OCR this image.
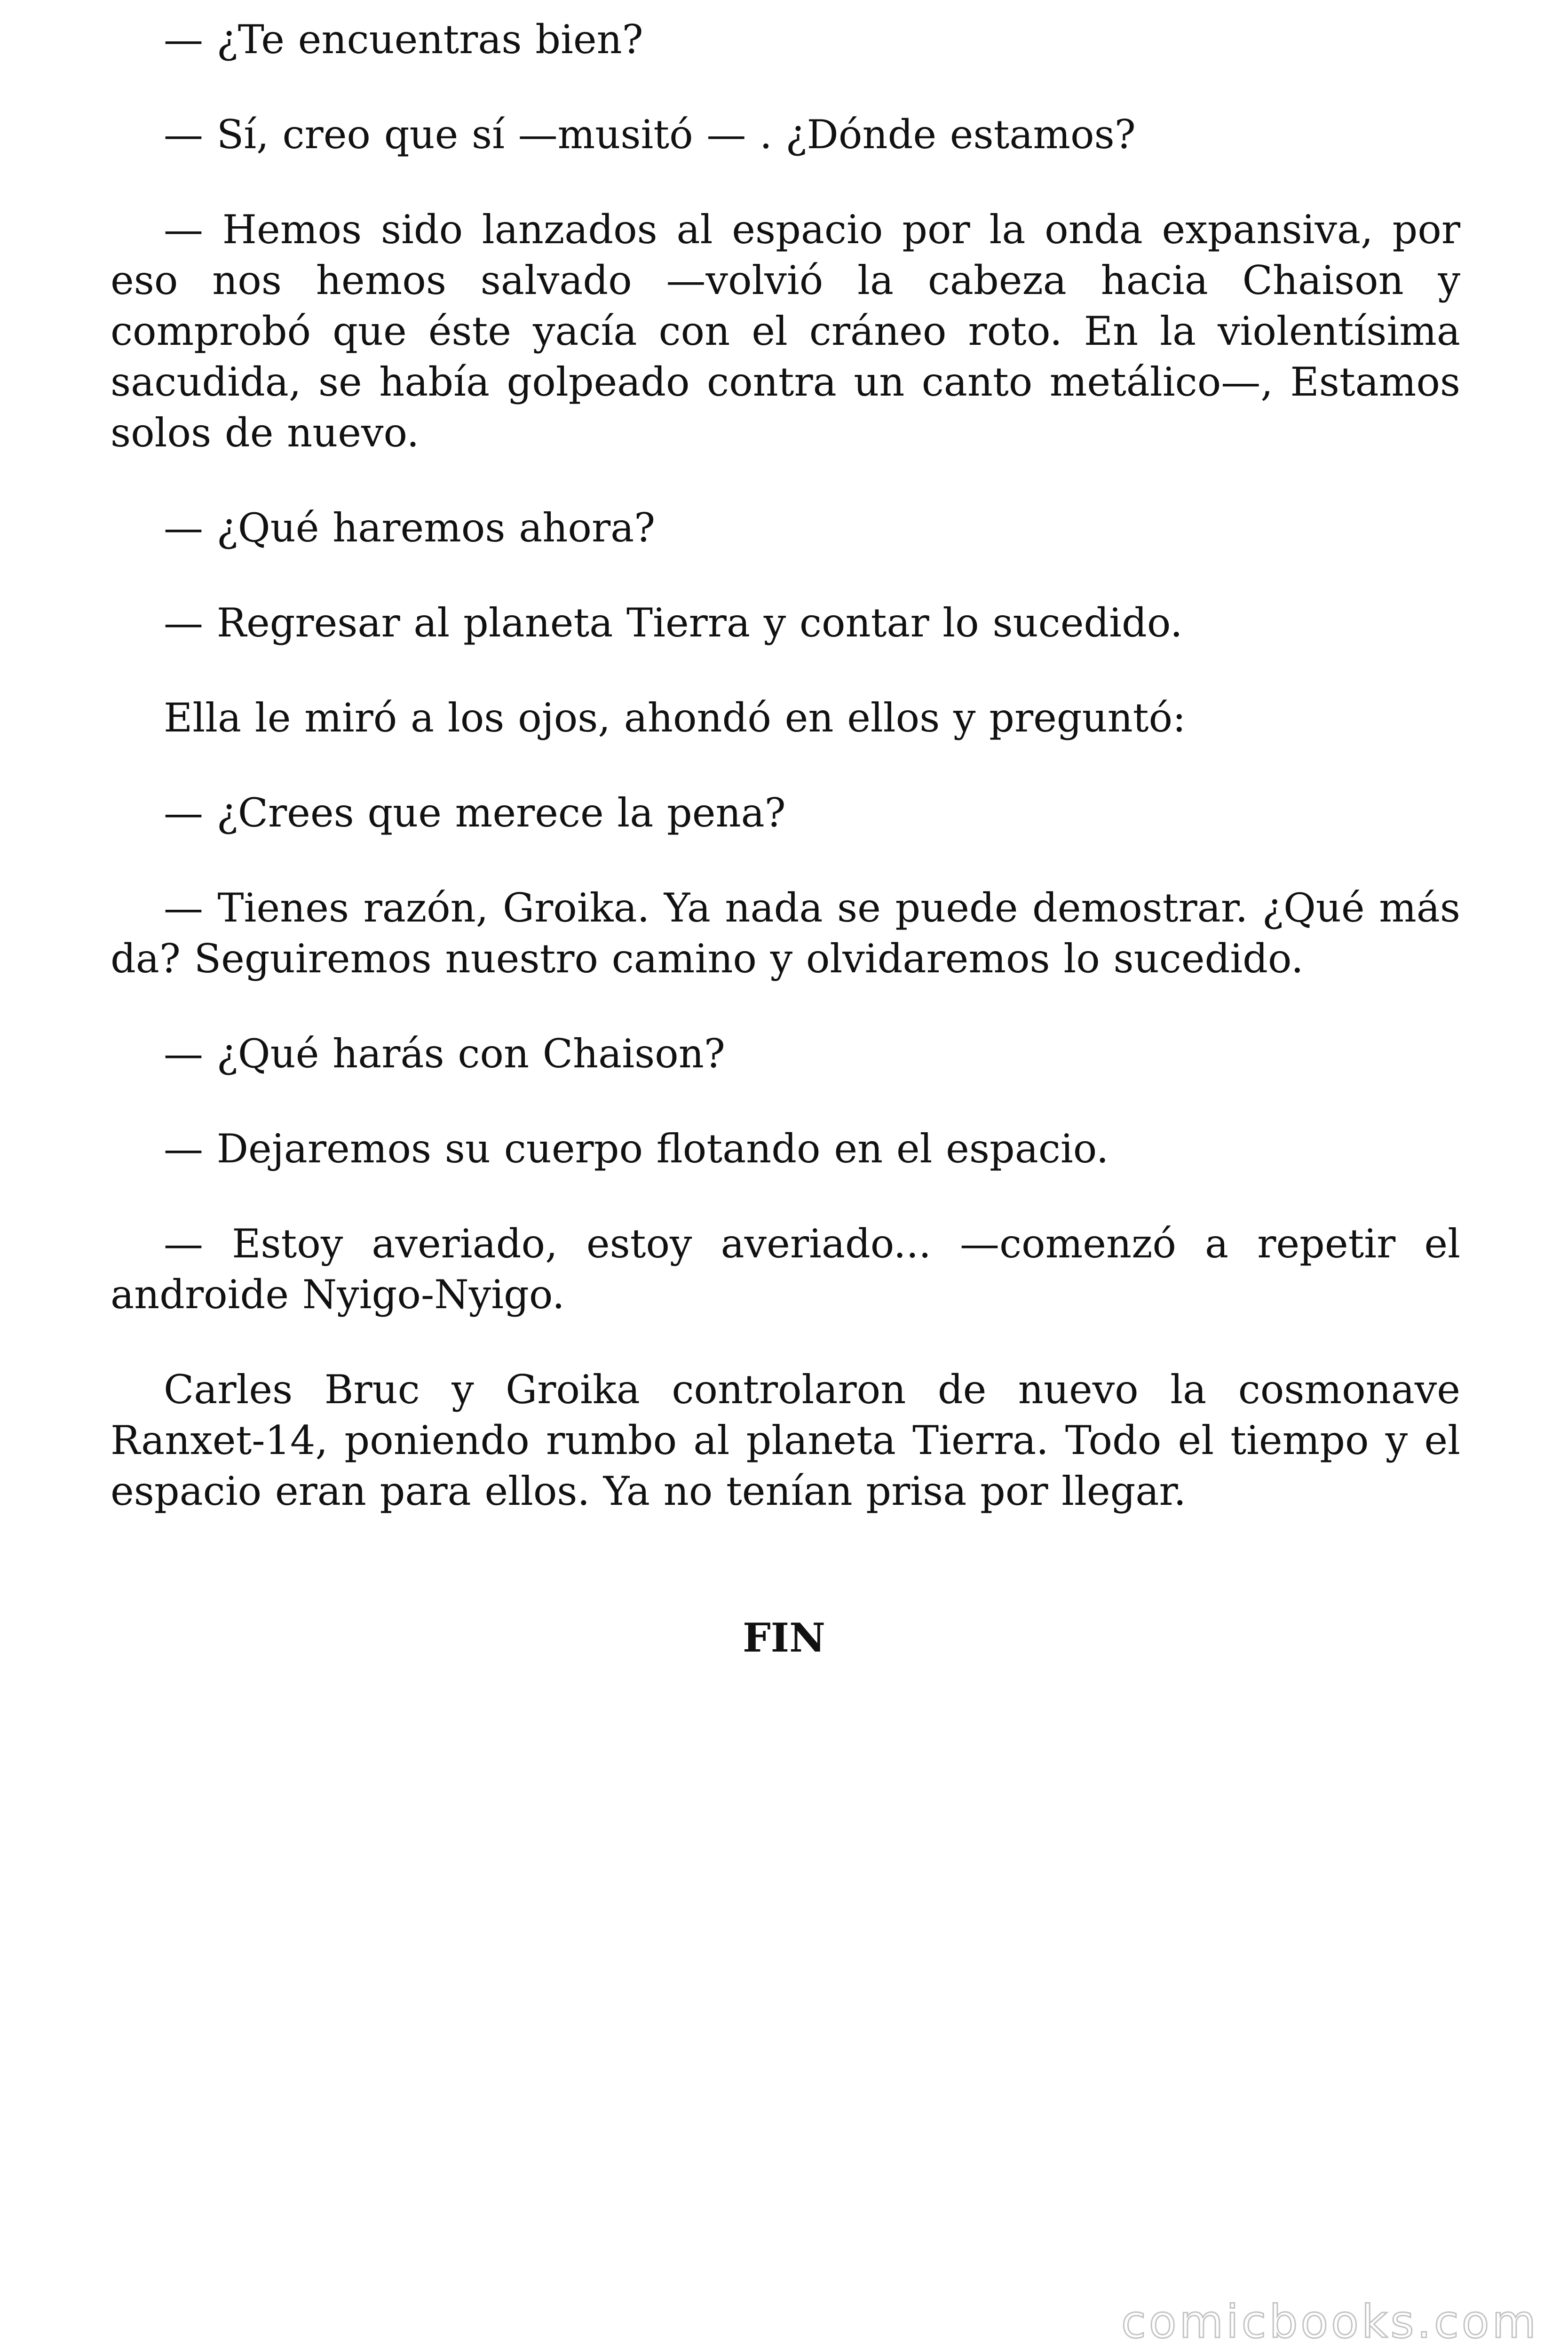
— ¿Te encuentras bien?

— Sí, creo que sí —musitó — . ¿Dónde estamos?

— Hemos sido lanzados al espacio por la onda expansiva, por eso nos hemos salvado —volvió la cabeza hacia Chaison y comprobó que éste yacía con el cráneo roto. En la violentísima sacudida, se había golpeado contra un canto metálico—, Estamos solos de nuevo.

— ¿Qué haremos ahora?

— Regresar al planeta Tierra y contar lo sucedido.

Ella le miró a los ojos, ahondó en ellos y preguntó:

— ¿Crees que merece la pena?

— Tienes razón, Groika. Ya nada se puede demostrar. ¿Qué más da? Seguiremos nuestro camino y olvidaremos lo sucedido.

— ¿Qué harás con Chaison?

— Dejaremos su cuerpo flotando en el espacio.

— Estoy averiado, estoy averiado... —comenzó a repetir el androide Nyigo-Nyigo.

Carles Bruc y Groika controlaron de nuevo la cosmonave Ranxet-14, poniendo rumbo al planeta Tierra. Todo el tiempo y el espacio eran para ellos. Ya no tenían prisa por llegar.

FIN
comicbooks.com
